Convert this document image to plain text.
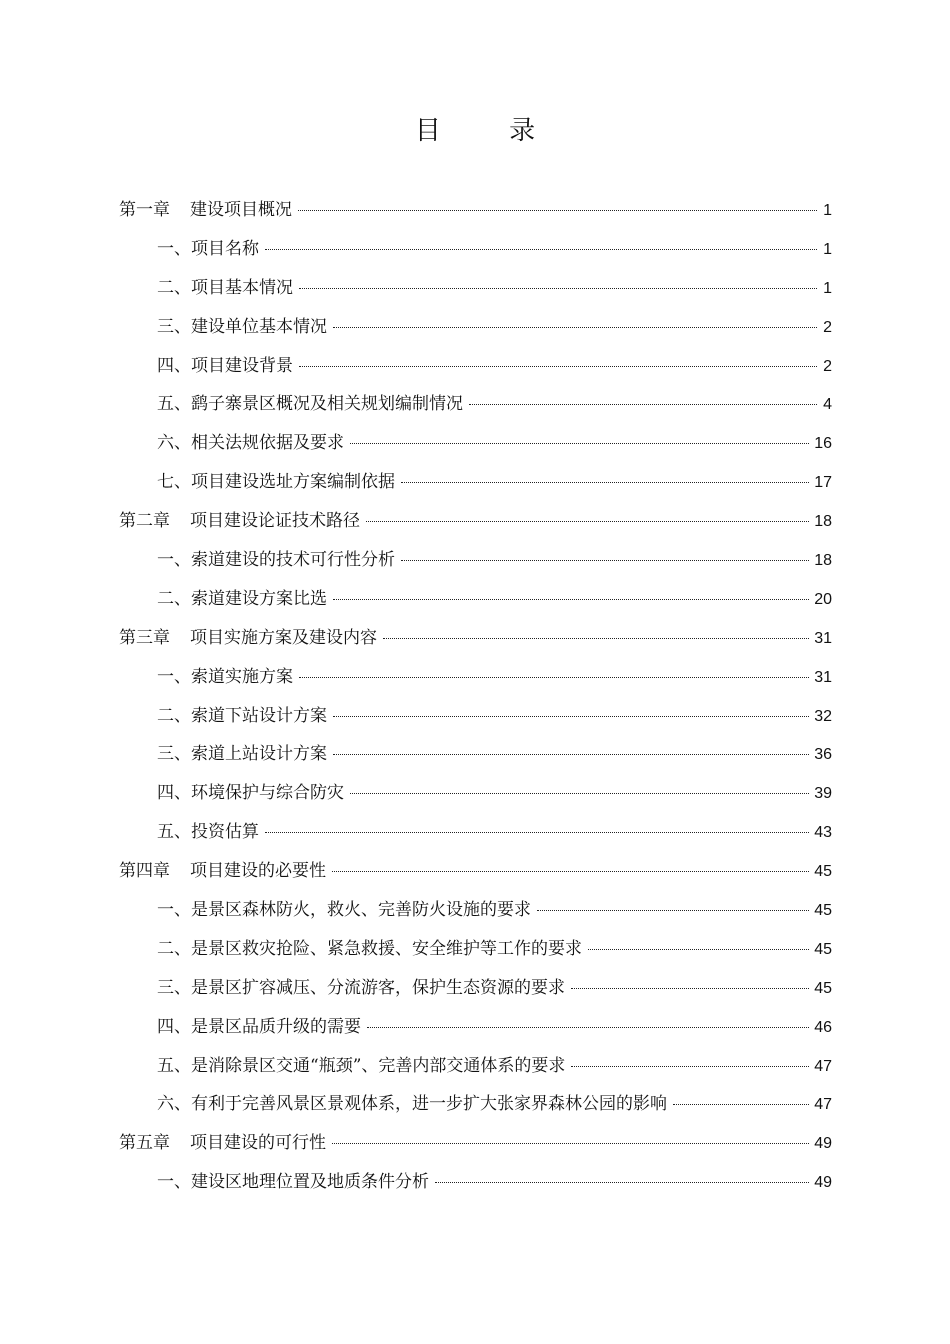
目 录
第一章 建设项目概况	1
一、项目名称	1
二、项目基本情况	1
三、建设单位基本情况	2
四、项目建设背景	2
五、鹞子寨景区概况及相关规划编制情况	4
六、相关法规依据及要求	16
七、项目建设选址方案编制依据	17
第二章 项目建设论证技术路径	18
一、索道建设的技术可行性分析	18
二、索道建设方案比选	20
第三章 项目实施方案及建设内容	31
一、索道实施方案	31
二、索道下站设计方案	32
三、索道上站设计方案	36
四、环境保护与综合防灾	39
五、投资估算	43
第四章 项目建设的必要性	45
一、是景区森林防火，救火、完善防火设施的要求	45
二、是景区救灾抢险、紧急救援、安全维护等工作的要求	45
三、是景区扩容减压、分流游客，保护生态资源的要求	45
四、是景区品质升级的需要	46
五、是消除景区交通“瓶颈”、完善内部交通体系的要求	47
六、有利于完善风景区景观体系，进一步扩大张家界森林公园的影响	47
第五章 项目建设的可行性	49
一、建设区地理位置及地质条件分析	49
